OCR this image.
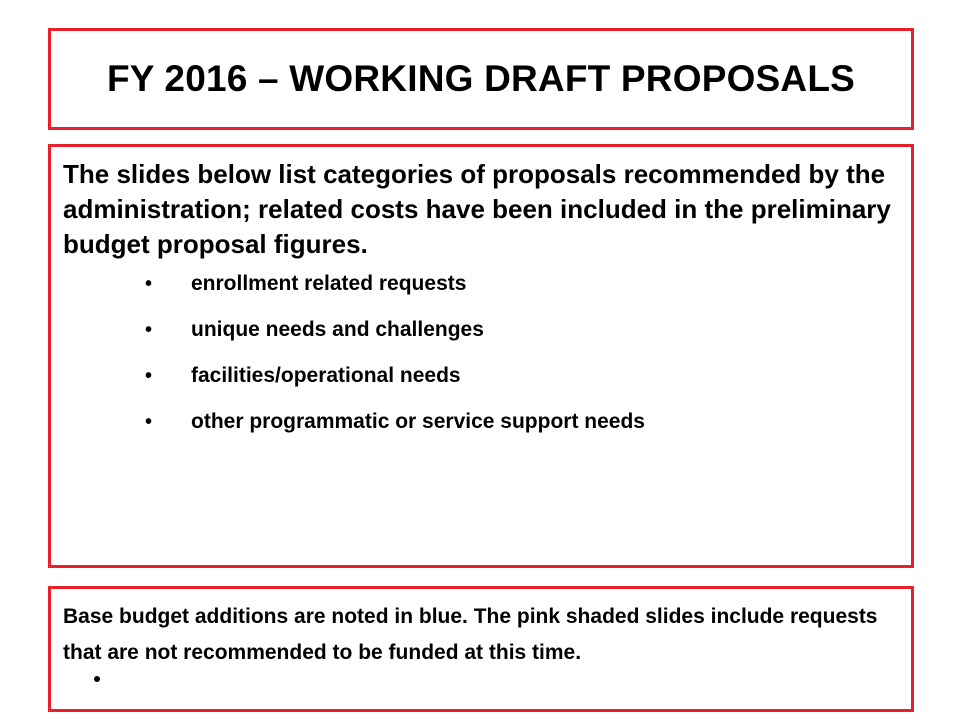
FY 2016 – WORKING DRAFT PROPOSALS

The slides below list categories of proposals recommended by the administration; related costs have been included in the preliminary budget proposal figures.

• enrollment related requests
• unique needs and challenges
• facilities/operational needs
• other programmatic or service support needs

Base budget additions are noted in blue. The pink shaded slides include requests that are not recommended to be funded at this time.
